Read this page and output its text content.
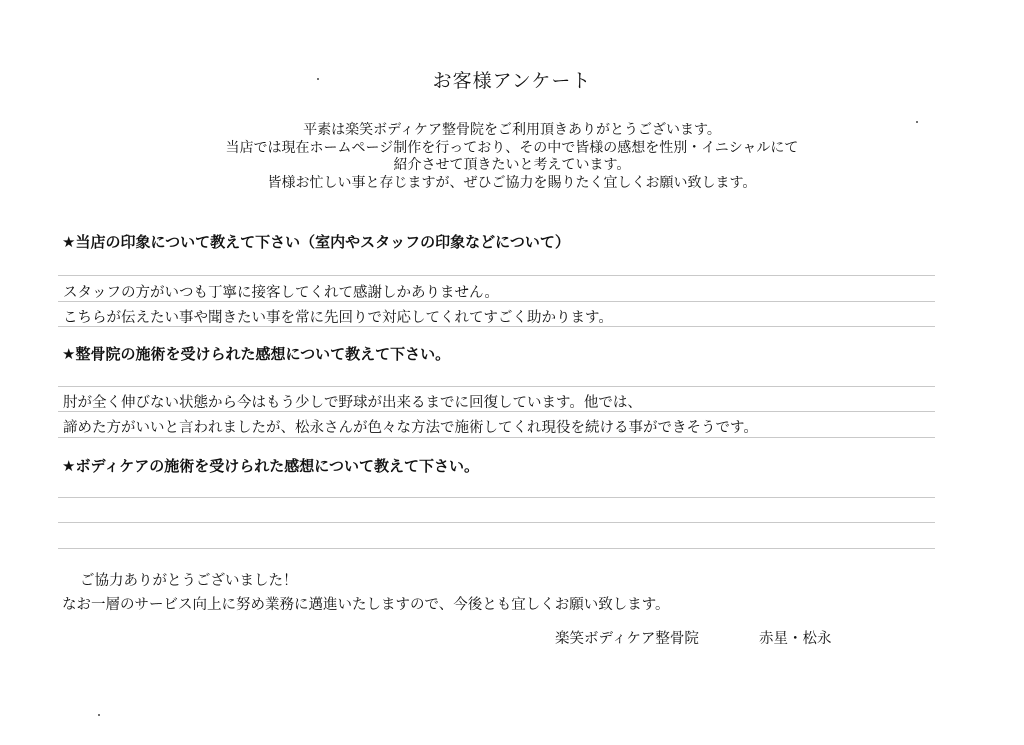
お客様アンケート
平素は楽笑ボディケア整骨院をご利用頂きありがとうございます。
当店では現在ホームページ制作を行っており、その中で皆様の感想を性別・イニシャルにて
紹介させて頂きたいと考えています。
皆様お忙しい事と存じますが、ぜひご協力を賜りたく宜しくお願い致します。
★当店の印象について教えて下さい（室内やスタッフの印象などについて）
スタッフの方がいつも丁寧に接客してくれて感謝しかありません。
こちらが伝えたい事や聞きたい事を常に先回りで対応してくれてすごく助かります。
★整骨院の施術を受けられた感想について教えて下さい。
肘が全く伸びない状態から今はもう少しで野球が出来るまでに回復しています。他では、
諦めた方がいいと言われましたが、松永さんが色々な方法で施術してくれ現役を続ける事ができそうです。
★ボディケアの施術を受けられた感想について教えて下さい。
ご協力ありがとうございました！
なお一層のサービス向上に努め業務に邁進いたしますので、今後とも宜しくお願い致します。
楽笑ボディケア整骨院	赤星・松永
